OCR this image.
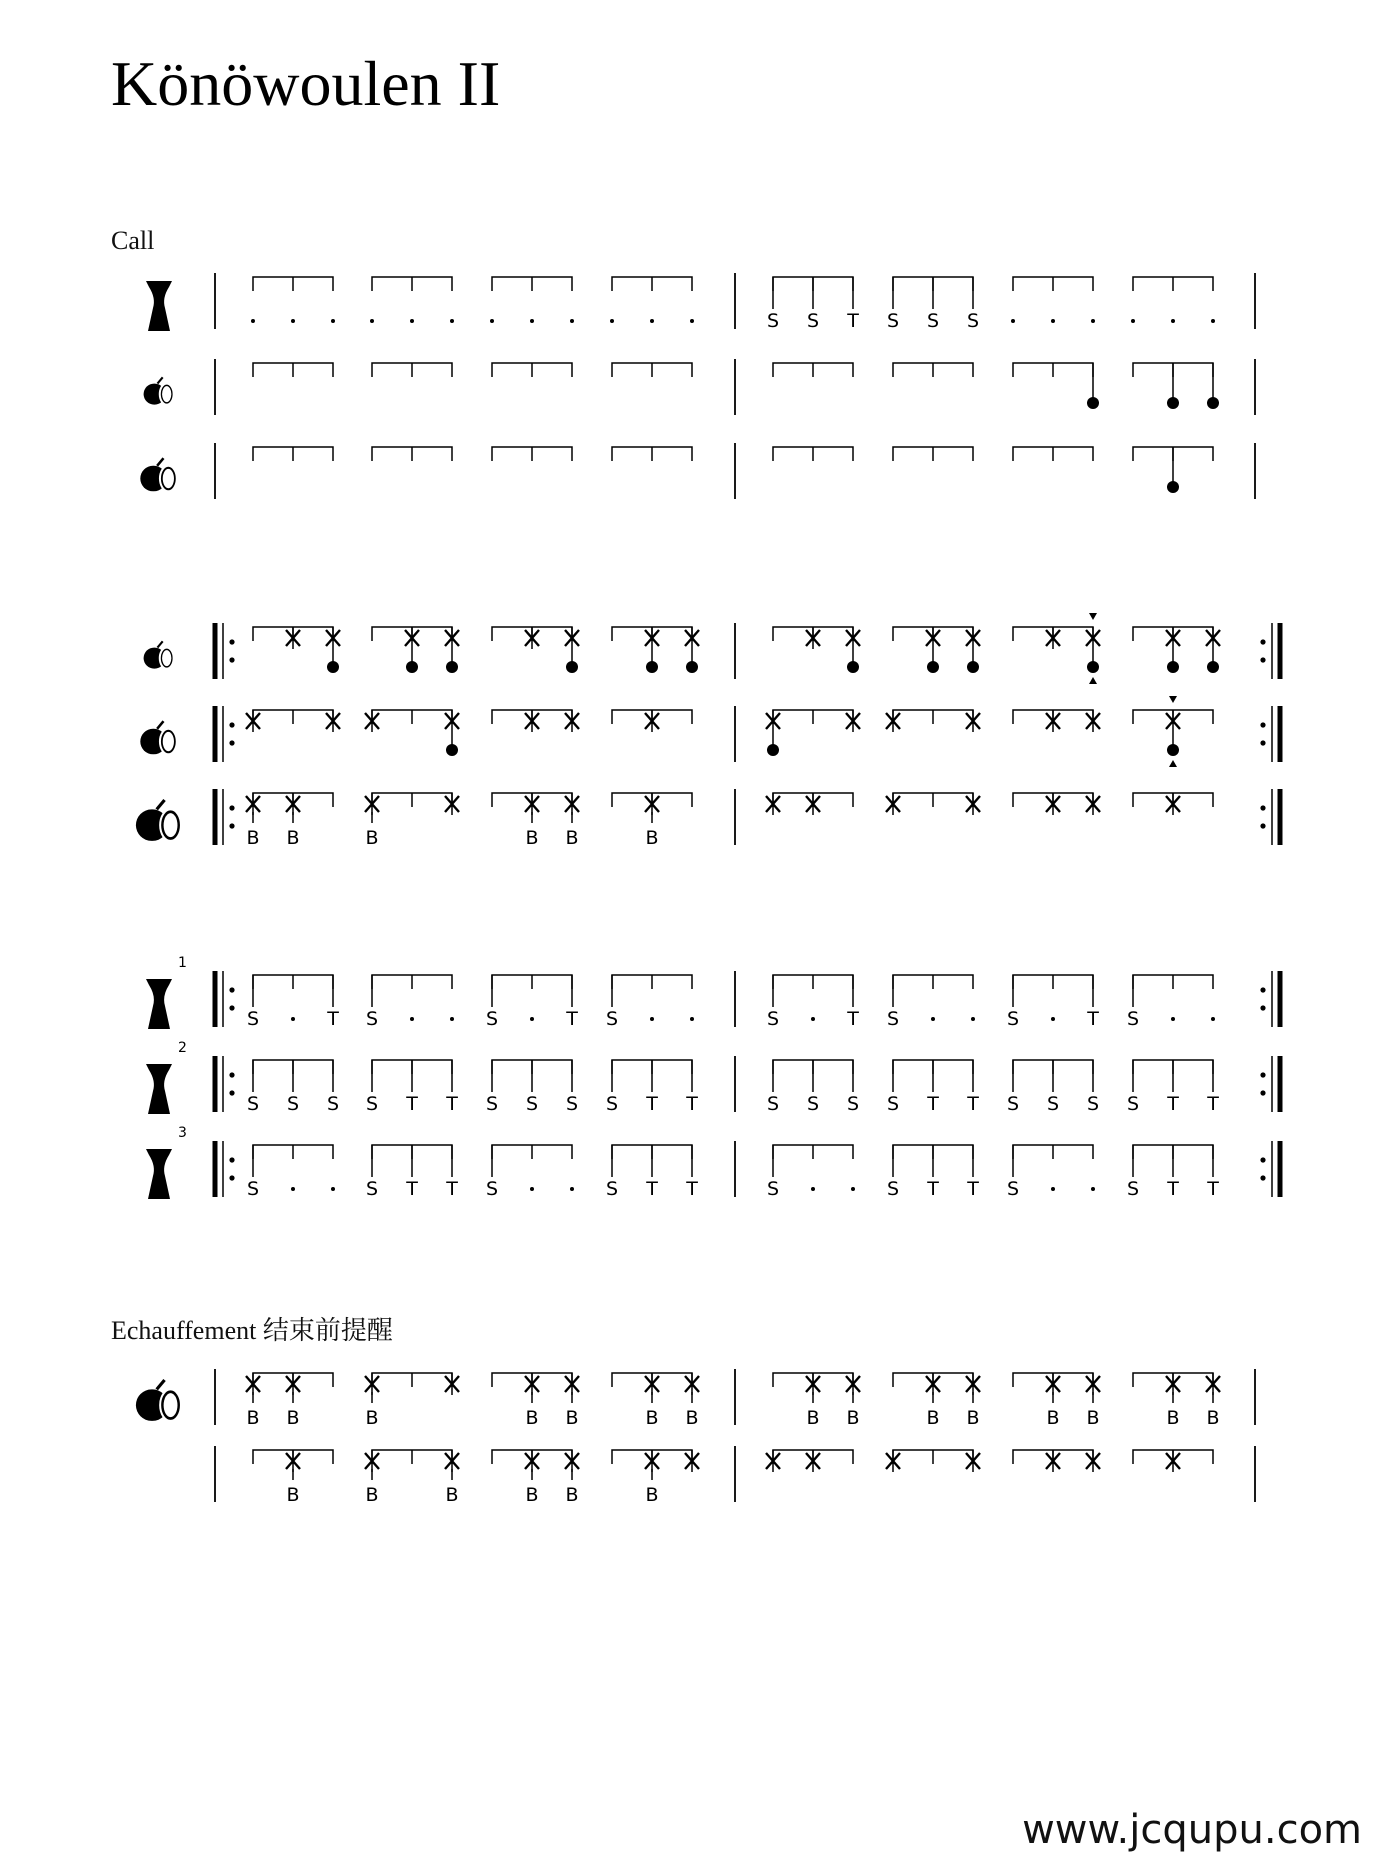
Könöwoulen II
Call
Echauffement 结束前提醒
www.jcqupu.com
S S T S S S
B B	B	B B	B
1
S	T S	S	T S	S	T S	S	T S
2
S S S S T T S S S S T T	S S S S T T S S S S T T
3
S	S T T S	S T T	S	S T T S	S T T
B B	B	B B	B B	B B	B B	B B	B B
B	B	B	B B	B
